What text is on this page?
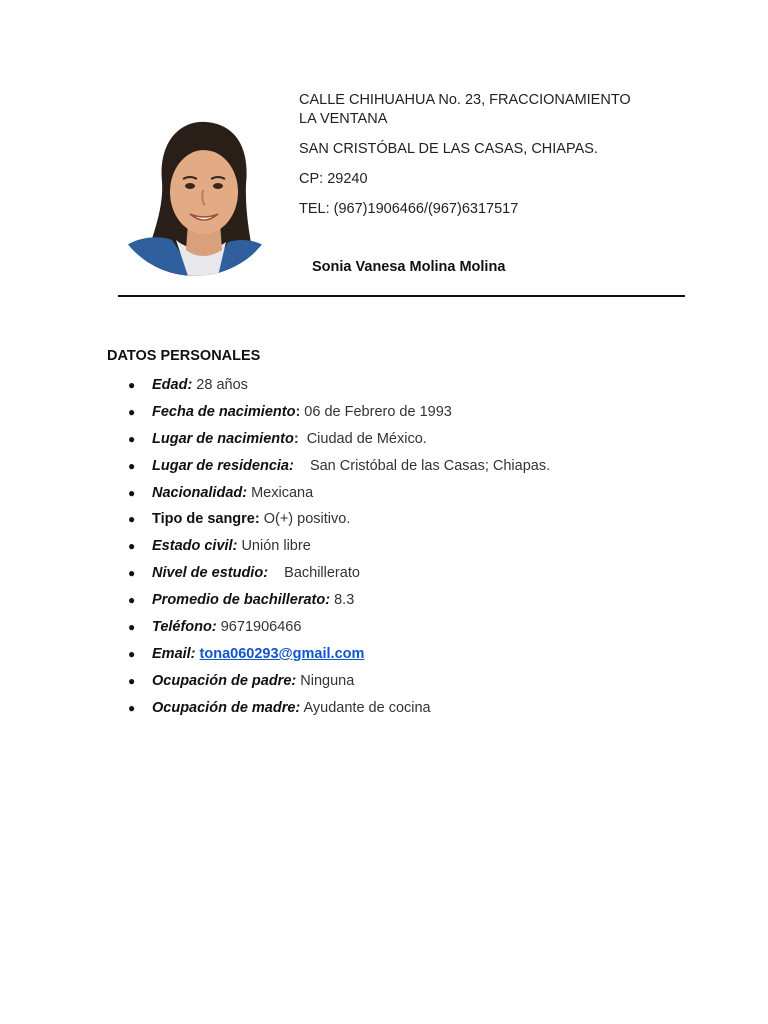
CALLE CHIHUAHUA No. 23, FRACCIONAMIENTO

LA VENTANA

SAN CRISTÓBAL DE LAS CASAS, CHIAPAS.

CP: 29240

TEL: (967)1906466/(967)6317517

Sonia Vanesa Molina Molina
DATOS PERSONALES
● Edad: 28 años
● Fecha de nacimiento: 06 de Febrero de 1993
● Lugar de nacimiento:  Ciudad de México.
● Lugar de residencia:    San Cristóbal de las Casas; Chiapas.
● Nacionalidad: Mexicana
● Tipo de sangre: O(+) positivo.
● Estado civil: Unión libre
● Nivel de estudio:    Bachillerato
● Promedio de bachillerato: 8.3
● Teléfono: 9671906466
● Email: tona060293@gmail.com
● Ocupación de padre: Ninguna
● Ocupación de madre: Ayudante de cocina
